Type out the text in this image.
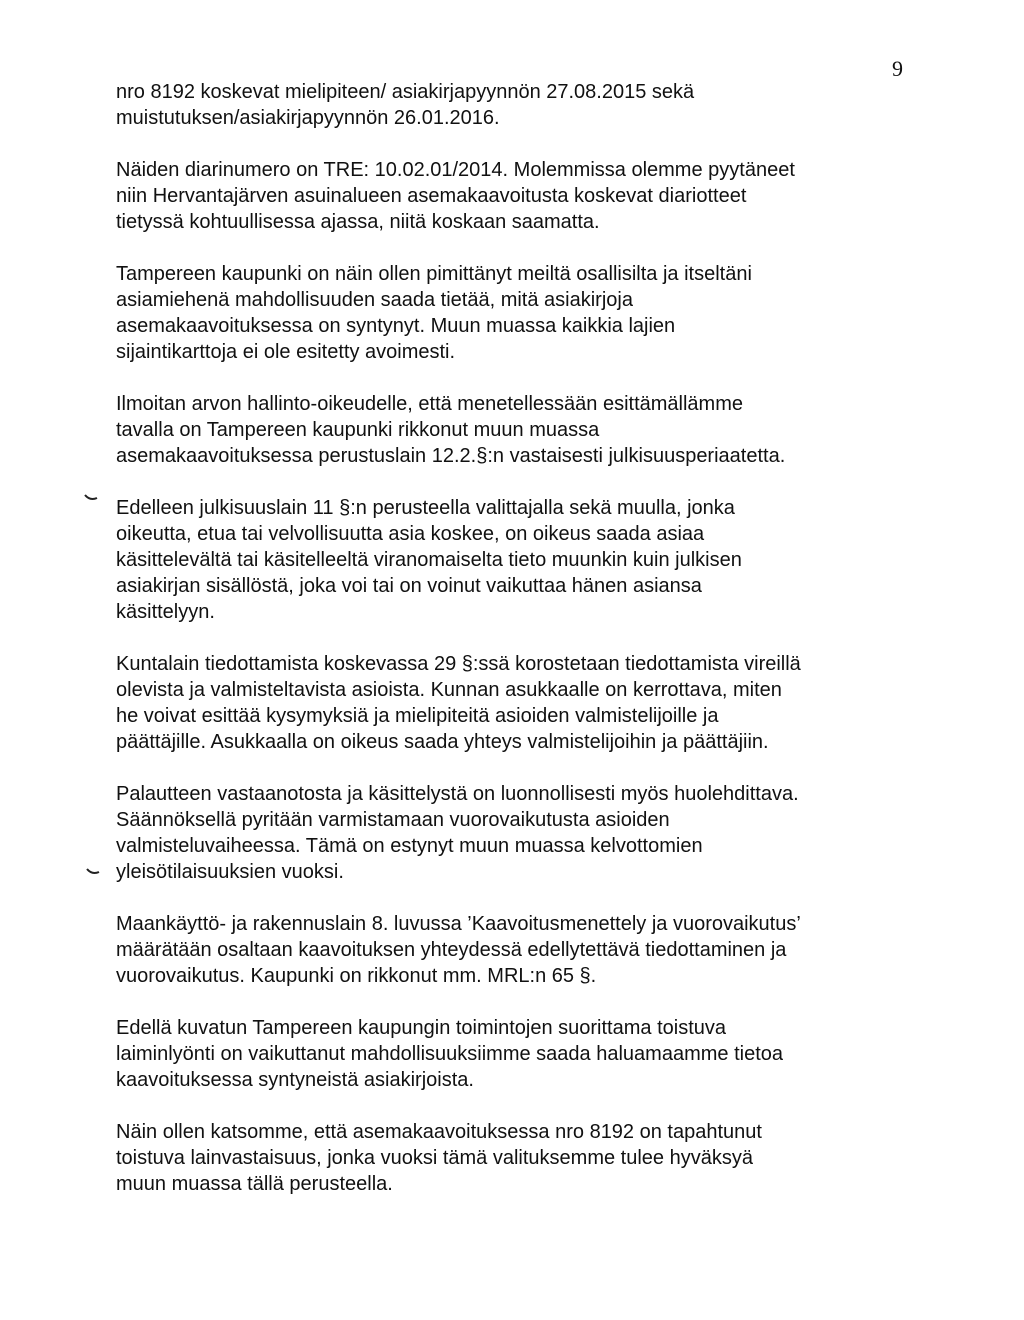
9

nro 8192 koskevat mielipiteen/ asiakirjapyynnön 27.08.2015 sekä
muistutuksen/asiakirjapyynnön 26.01.2016.

Näiden diarinumero on TRE: 10.02.01/2014. Molemmissa olemme pyytäneet
niin Hervantajärven asuinalueen asemakaavoitusta koskevat diariotteet
tietyssä kohtuullisessa ajassa, niitä koskaan saamatta.

Tampereen kaupunki on näin ollen pimittänyt meiltä osallisilta ja itseltäni
asiamiehenä mahdollisuuden saada tietää, mitä asiakirjoja
asemakaavoituksessa on syntynyt. Muun muassa kaikkia lajien
sijaintikarttoja ei ole esitetty avoimesti.

Ilmoitan arvon hallinto-oikeudelle, että menetellessään esittämällämme
tavalla on Tampereen kaupunki rikkonut muun muassa
asemakaavoituksessa perustuslain 12.2.§:n vastaisesti julkisuusperiaatetta.

Edelleen julkisuuslain 11 §:n perusteella valittajalla sekä muulla, jonka
oikeutta, etua tai velvollisuutta asia koskee, on oikeus saada asiaa
käsittelevältä tai käsitelleeltä viranomaiselta tieto muunkin kuin julkisen
asiakirjan sisällöstä, joka voi tai on voinut vaikuttaa hänen asiansa
käsittelyyn.

Kuntalain tiedottamista koskevassa 29 §:ssä korostetaan tiedottamista vireillä
olevista ja valmisteltavista asioista. Kunnan asukkaalle on kerrottava, miten
he voivat esittää kysymyksiä ja mielipiteitä asioiden valmistelijoille ja
päättäjille. Asukkaalla on oikeus saada yhteys valmistelijoihin ja päättäjiin.

Palautteen vastaanotosta ja käsittelystä on luonnollisesti myös huolehdittava.
Säännöksellä pyritään varmistamaan vuorovaikutusta asioiden
valmisteluvaiheessa. Tämä on estynyt muun muassa kelvottomien
yleisötilaisuuksien vuoksi.

Maankäyttö- ja rakennuslain 8. luvussa ’Kaavoitusmenettely ja vuorovaikutus’
määrätään osaltaan kaavoituksen yhteydessä edellytettävä tiedottaminen ja
vuorovaikutus. Kaupunki on rikkonut mm. MRL:n 65 §.

Edellä kuvatun Tampereen kaupungin toimintojen suorittama toistuva
laiminlyönti on vaikuttanut mahdollisuuksiimme saada haluamaamme tietoa
kaavoituksessa syntyneistä asiakirjoista.

Näin ollen katsomme, että asemakaavoituksessa nro 8192 on tapahtunut
toistuva lainvastaisuus, jonka vuoksi tämä valituksemme tulee hyväksyä
muun muassa tällä perusteella.
